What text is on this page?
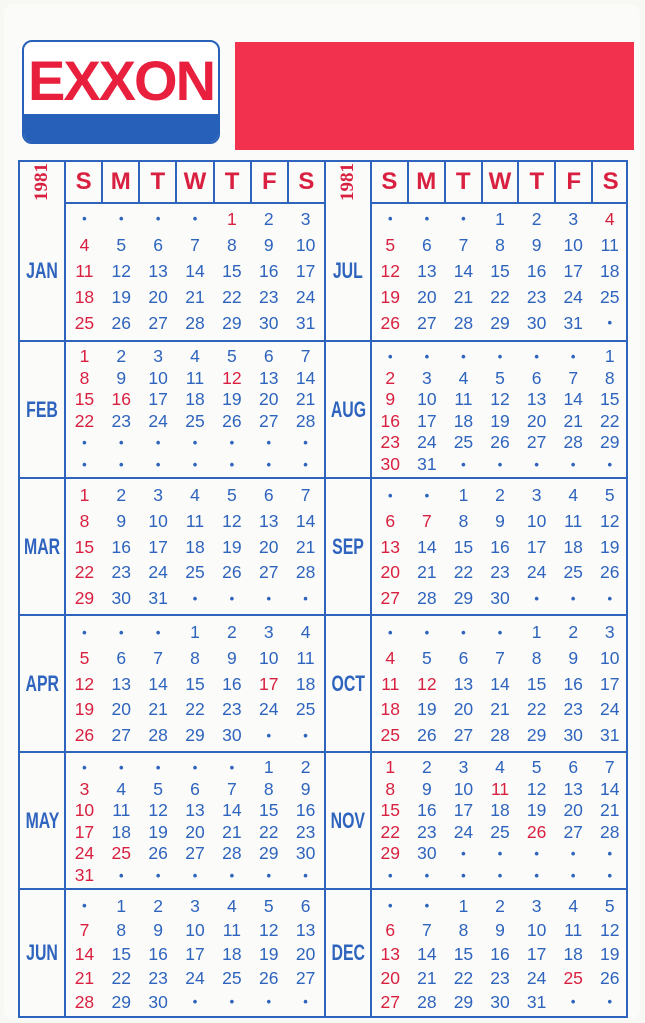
EXXON
1981 S M T W T F S
JAN
•	•	•	•	1	2	3
4	5	6	7	8	9	10
11	12 13 14 15 16 17
18 19 20 21 22 23 24
25 26 27 28 29 30 31
FEB
1	2	3	4	5	6	7
8	9	10	11	12 13 14
15 16 17 18 19 20 21
22 23 24 25 26 27 28
•	•	•	•	•	•	•
•	•	•	•	•	•	•
MAR
1	2	3	4	5	6	7
8	9	10	11	12 13 14
15 16 17 18 19 20 21
22 23 24 25 26 27 28
29 30 31	•	•	•	•
APR
•	•	•	1	2	3	4
5	6	7	8	9	10	11
12 13 14 15 16 17 18
19 20 21 22 23 24 25
26 27 28 29 30	•	•
MAY
•	•	•	•	•	1	2
3	4	5	6	7	8	9
10	11	12 13 14 15 16
17 18 19 20 21 22 23
24 25 26 27 28 29 30
31	•	•	•	•	•	•
JUN
•	1	2	3	4	5	6
7	8	9	10	11	12 13
14 15 16 17 18 19 20
21 22 23 24 25 26 27
28 29 30	•	•	•	•
1981 S M T W T F S
JUL
•	•	•	1	2	3	4
5	6	7	8	9	10	11
12 13 14 15 16 17 18
19 20 21 22 23 24 25
26 27 28 29 30 31	•
AUG
•	•	•	•	•	•	1
2	3	4	5	6	7	8
9	10	11	12 13 14 15
16 17 18 19 20 21 22
23 24 25 26 27 28 29
30 31	•	•	•	•	•
SEP
•	•	1	2	3	4	5
6	7	8	9	10	11	12
13 14 15 16 17 18 19
20 21 22 23 24 25 26
27 28 29 30	•	•	•
OCT
•	•	•	•	1	2	3
4	5	6	7	8	9	10
11	12 13 14 15 16 17
18 19 20 21 22 23 24
25 26 27 28 29 30 31
NOV
1	2	3	4	5	6	7
8	9	10	11	12 13 14
15 16 17 18 19 20 21
22 23 24 25 26 27 28
29 30	•	•	•	•	•
•	•	•	•	•	•	•
DEC
•	•	1	2	3	4	5
6	7	8	9	10	11	12
13 14 15 16 17 18 19
20 21 22 23 24 25 26
27 28 29 30 31	•	•
